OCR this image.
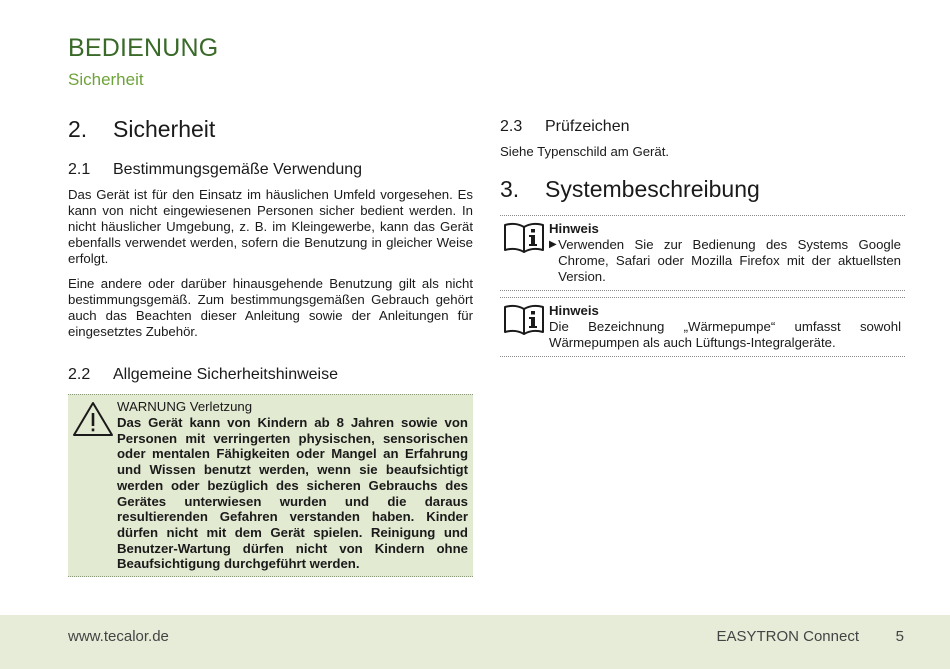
BEDIENUNG
Sicherheit
2.	Sicherheit
2.1	Bestimmungsgemäße Verwendung

Das Gerät ist für den Einsatz im häuslichen Umfeld vorgesehen. Es kann von nicht eingewiesenen Personen sicher bedient werden. In nicht häuslicher Umgebung, z. B. im Kleingewerbe, kann das Gerät ebenfalls verwendet werden, sofern die Benutzung in gleicher Weise erfolgt.

Eine andere oder darüber hinausgehende Benutzung gilt als nicht bestimmungsgemäß. Zum bestimmungsgemäßen Gebrauch gehört auch das Beachten dieser Anleitung sowie der Anleitungen für eingesetztes Zubehör.

2.2	Allgemeine Sicherheitshinweise
WARNUNG Verletzung
Das Gerät kann von Kindern ab 8 Jahren sowie von Personen mit verringerten physischen, sensorischen oder mentalen Fähigkeiten oder Mangel an Erfahrung und Wissen benutzt werden, wenn sie beaufsichtigt werden oder bezüglich des sicheren Gebrauchs des Gerätes unterwiesen wurden und die daraus resultierenden Gefahren verstanden haben. Kinder dürfen nicht mit dem Gerät spielen. Reinigung und Benutzer-Wartung dürfen nicht von Kindern ohne Beaufsichtigung durchgeführt werden.
2.3	Prüfzeichen

Siehe Typenschild am Gerät.

3.	Systembeschreibung
Hinweis
▶ Verwenden Sie zur Bedienung des Systems Google Chrome, Safari oder Mozilla Firefox mit der aktuellsten Version.
Hinweis
Die Bezeichnung „Wärmepumpe“ umfasst sowohl Wärmepumpen als auch Lüftungs-Integralgeräte.
www.tecalor.de	EASYTRON Connect 5
